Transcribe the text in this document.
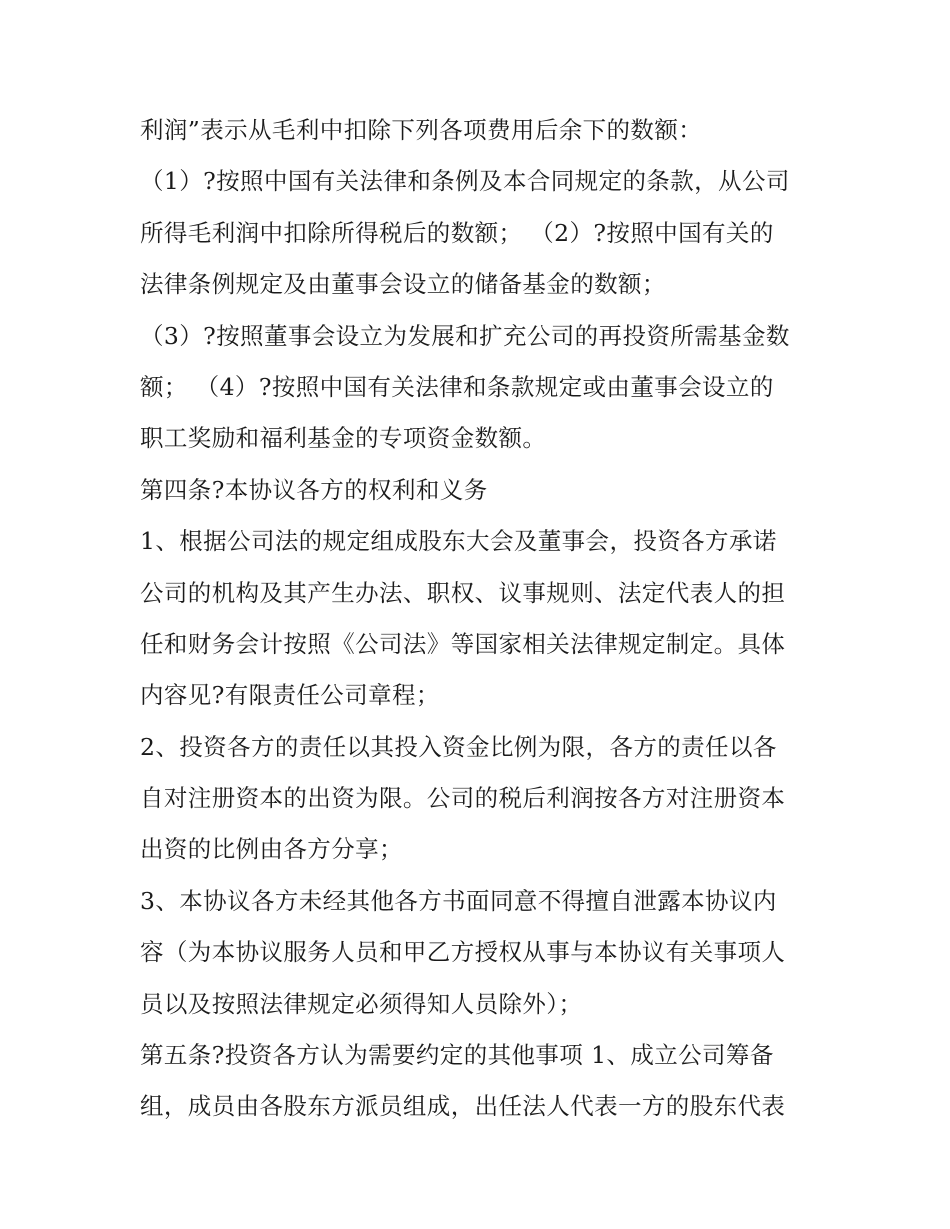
利润”表示从毛利中扣除下列各项费用后余下的数额：
（1）?按照中国有关法律和条例及本合同规定的条款，从公司
所得毛利润中扣除所得税后的数额； （2）?按照中国有关的
法律条例规定及由董事会设立的储备基金的数额；
（3）?按照董事会设立为发展和扩充公司的再投资所需基金数
额； （4）?按照中国有关法律和条款规定或由董事会设立的
职工奖励和福利基金的专项资金数额。
第四条?本协议各方的权利和义务
1、根据公司法的规定组成股东大会及董事会，投资各方承诺
公司的机构及其产生办法、职权、议事规则、法定代表人的担
任和财务会计按照《公司法》等国家相关法律规定制定。具体
内容见?有限责任公司章程；
2、投资各方的责任以其投入资金比例为限，各方的责任以各
自对注册资本的出资为限。公司的税后利润按各方对注册资本
出资的比例由各方分享；
3、本协议各方未经其他各方书面同意不得擅自泄露本协议内
容（为本协议服务人员和甲乙方授权从事与本协议有关事项人
员以及按照法律规定必须得知人员除外）；
第五条?投资各方认为需要约定的其他事项 1、成立公司筹备
组，成员由各股东方派员组成，出任法人代表一方的股东代表
